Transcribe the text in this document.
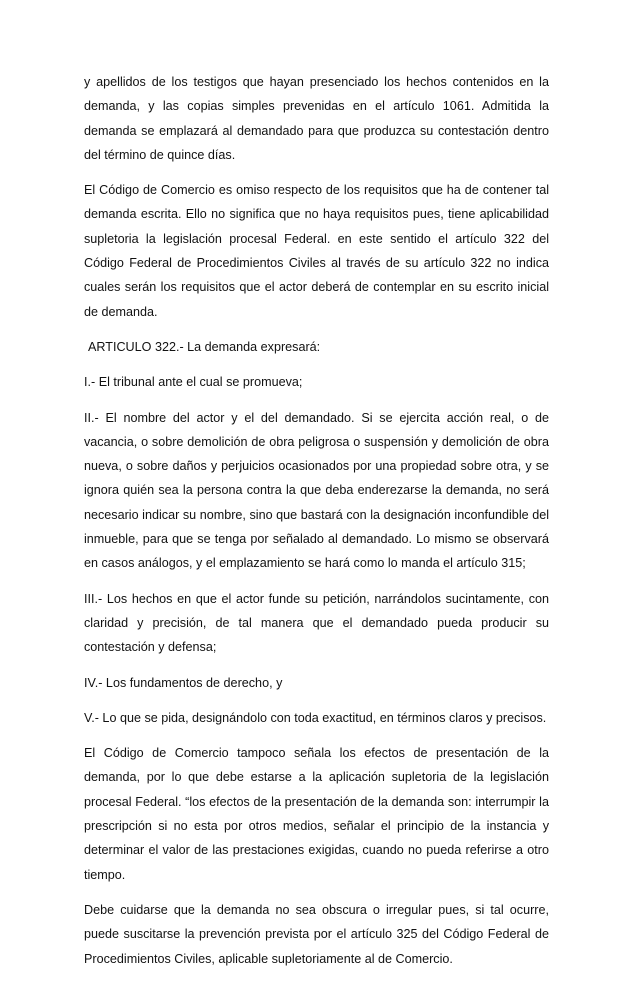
y apellidos de los testigos que hayan presenciado los hechos contenidos en la demanda, y las copias simples prevenidas en el artículo 1061. Admitida la demanda se emplazará al demandado para que produzca su contestación dentro del término de quince días.

El Código de Comercio es omiso respecto de los requisitos que ha de contener tal demanda escrita. Ello no significa que no haya requisitos pues, tiene aplicabilidad supletoria la legislación procesal Federal. en este sentido el artículo 322 del Código Federal de Procedimientos Civiles al través de su artículo 322 no indica cuales serán los requisitos que el actor deberá de contemplar en su escrito inicial de demanda.

ARTICULO 322.- La demanda expresará:

I.- El tribunal ante el cual se promueva;

II.- El nombre del actor y el del demandado. Si se ejercita acción real, o de vacancia, o sobre demolición de obra peligrosa o suspensión y demolición de obra nueva, o sobre daños y perjuicios ocasionados por una propiedad sobre otra, y se ignora quién sea la persona contra la que deba enderezarse la demanda, no será necesario indicar su nombre, sino que bastará con la designación inconfundible del inmueble, para que se tenga por señalado al demandado. Lo mismo se observará en casos análogos, y el emplazamiento se hará como lo manda el artículo 315;

III.- Los hechos en que el actor funde su petición, narrándolos sucintamente, con claridad y precisión, de tal manera que el demandado pueda producir su contestación y defensa;

IV.- Los fundamentos de derecho, y

V.- Lo que se pida, designándolo con toda exactitud, en términos claros y precisos.

El Código de Comercio tampoco señala los efectos de presentación de la demanda, por lo que debe estarse a la aplicación supletoria de la legislación procesal Federal. “los efectos de la presentación de la demanda son: interrumpir la prescripción si no esta por otros medios, señalar el principio de la instancia y determinar el valor de las prestaciones exigidas, cuando no pueda referirse a otro tiempo.

Debe cuidarse que la demanda no sea obscura o irregular pues, si tal ocurre, puede suscitarse la prevención prevista por el artículo 325 del Código Federal de Procedimientos Civiles, aplicable supletoriamente al de Comercio.
